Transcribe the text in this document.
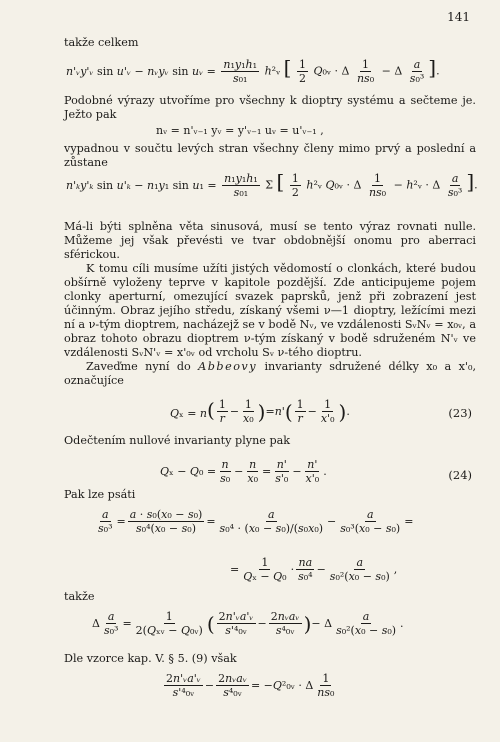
141
takže celkem
n'ᵥy'ᵥ sin u'ᵥ − nᵥyᵥ sin uᵥ = $\frac{\text{n₁y₁h₁}}{\text{s₀₁}}$ h²ᵥ [ $\frac{1}{2}$ Q₀ᵥ · Δ $\frac{1}{\text{ns₀}} - \Delta \frac{a}{\text{s₀³}}$ ].
Podobné výrazy utvoříme pro všechny k dioptry systému a sečteme je. Ježto pak
nᵥ = n'ᵥ₋₁ yᵥ = y'ᵥ₋₁ uᵥ = u'ᵥ₋₁ ,
vypadnou v součtu levých stran všechny členy mimo prvý a poslední a zůstane
n'ₖy'ₖ sin u'ₖ − n₁y₁ $\sin u_1 = \frac{\text{n₁y₁h₁}}{\text{s₀₁}}$ Σ [ $\frac{1}{2}$ h²ᵥ Q₀ᵥ · Δ $\frac{1}{\text{ns₀}}$ − h²ᵥ · Δ $\frac{a}{\text{s₀³}}$ ].
Má-li býti splněna věta sinusová, musí se tento výraz rovnati nulle. Můžeme jej však převésti ve tvar obdobnější onomu pro aberraci sférickou.
K tomu cíli musíme užíti jistých vědomostí o clonkách, které budou obšírně vyloženy teprve v kapitole pozdější. Zde anticipujeme pojem clonky aperturní, omezující svazek paprsků, jenž při zobrazení jest účinným. Obraz jejího středu, získaný všemi ν—1 dioptry, ležícími mezi ní a ν-tým dioptrem, nacházejž se v bodě Nᵥ, ve vzdálenosti SᵥNᵥ = x₀ᵥ, a obraz tohoto obrazu dioptrem ν-tým získaný v bodě sdruženém N'ᵥ ve vzdálenosti SᵥN'ᵥ = x'₀ᵥ od vrcholu Sᵥ ν-tého dioptru.
Zaveďme nyní do Abbeovy invarianty sdružené délky x₀ a x'₀, označujíce
$Q_x = n( \frac{1}{r} - \frac{1}{\text{x₀}}$ ) = n' ( $\frac{1}{r} - \frac{1}{\text{x'₀}}$ ) .	(23)
Odečtením nullové invarianty plyne pak
$Q_x - Q_0 = \frac{n}{\text{s₀}} - \frac{n}{\text{x₀}} = \frac{n'}{\text{s'₀}} - \frac{n'}{\text{x'₀}}$ .	(24)
Pak lze psáti
$\frac{a}{\text{s₀³}} = \frac{\text{a · s₀(x₀ − s₀)}}{\text{s₀⁴(x₀ − s₀)}} = \frac{a}{\text{s₀⁴ · (x₀ − s₀)/(s₀x₀)}} - \frac{a}{\text{s₀³(x₀ − s₀)}}$ =
= $\frac{1}{\text{Qₓ − Q₀}} \cdot \frac{na}{\text{s₀⁴}} - \frac{a}{\text{s₀²(x₀ − s₀)}}$ ,
takže
Δ $\frac{a}{\text{s₀³}} = \frac{1}{\text{2(Qₓᵥ − Q₀ᵥ)}}$ ( $\frac{\text{2n'ᵥa'ᵥ}}{\text{s'⁴₀ᵥ}} - \frac{\text{2nᵥaᵥ}}{\text{s⁴₀ᵥ}}$ ) − Δ $\frac{a}{\text{s₀²(x₀ − s₀)}}$ .
Dle vzorce kap. V. § 5. (9) však
$\frac{\text{2n'ᵥa'ᵥ}}{\text{s'⁴₀ᵥ}} - \frac{\text{2nᵥaᵥ}}{\text{s⁴₀ᵥ}}$ = − Q ²₀ᵥ · Δ $\frac{1}{\text{ns₀}}$
